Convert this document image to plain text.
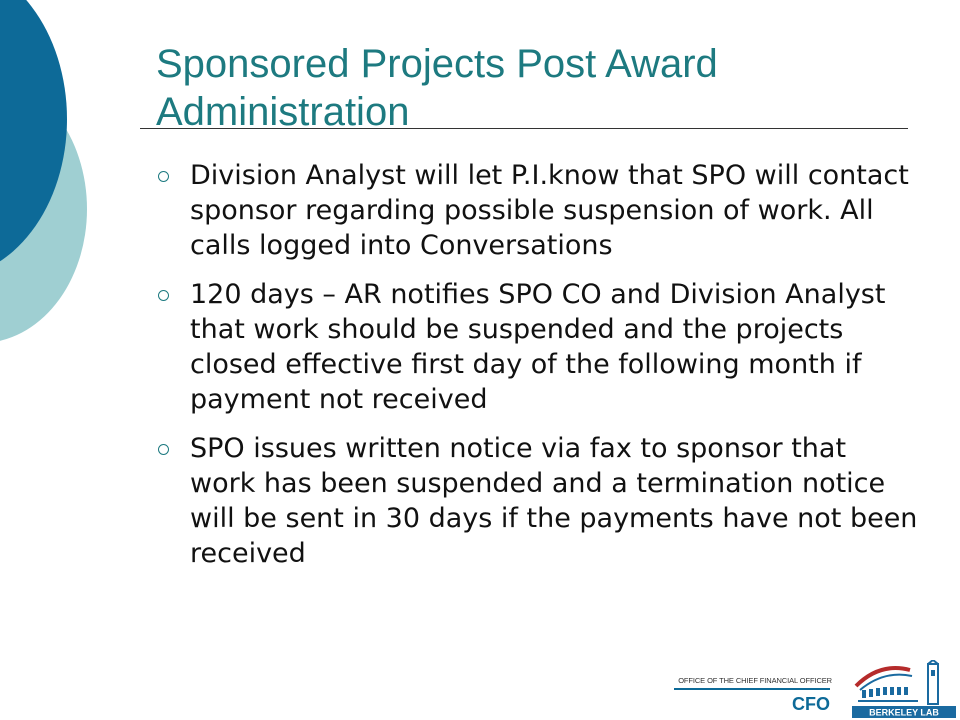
Sponsored Projects Post Award Administration
Division Analyst will let P.I.know that SPO will contact sponsor regarding possible suspension of work. All calls logged into Conversations
120 days – AR notifies SPO CO and Division Analyst that work should be suspended and the projects closed effective first day of the following month if payment not received
SPO issues written notice via fax to sponsor that work has been suspended and a termination notice will be sent in 30 days if the payments have not been received
OFFICE OF THE CHIEF FINANCIAL OFFICER
CFO	BERKELEY LAB
